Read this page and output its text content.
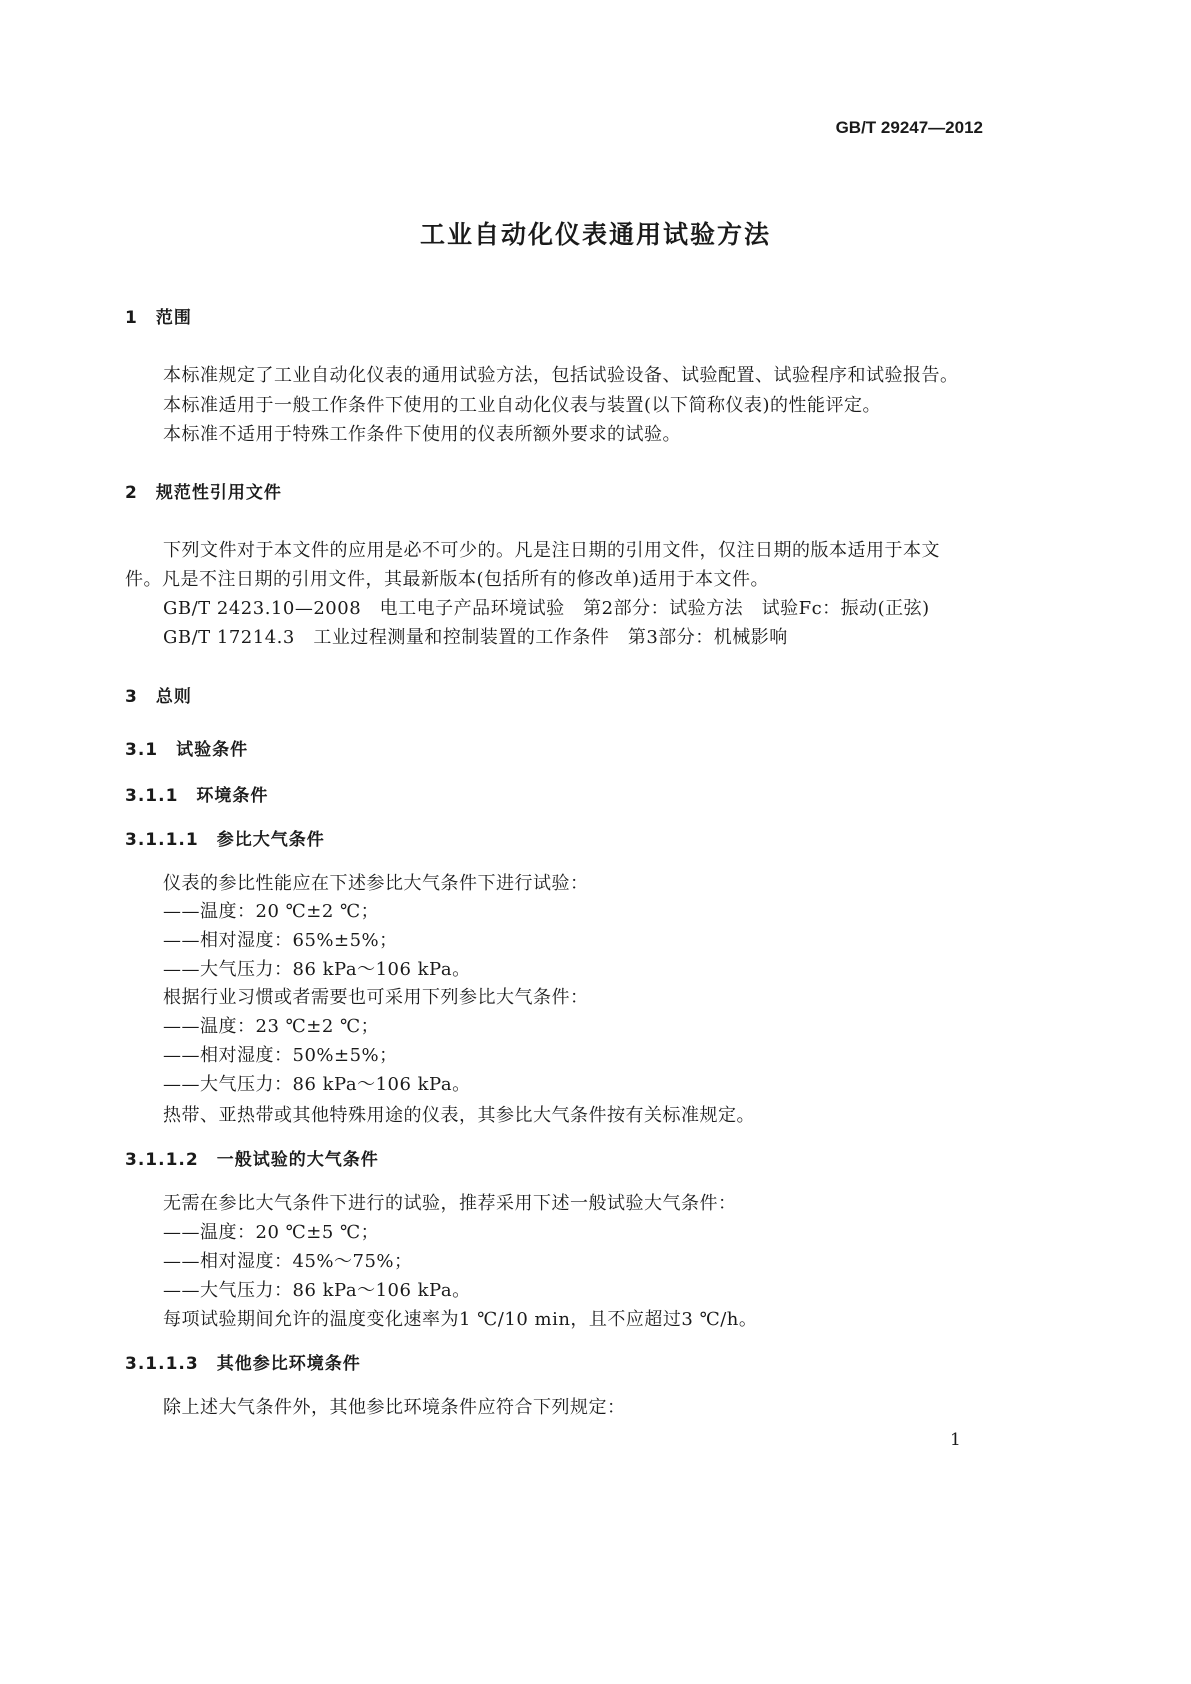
GB/T 29247—2012
工业自动化仪表通用试验方法
1　范围
本标准规定了工业自动化仪表的通用试验方法，包括试验设备、试验配置、试验程序和试验报告。
本标准适用于一般工作条件下使用的工业自动化仪表与装置(以下简称仪表)的性能评定。
本标准不适用于特殊工作条件下使用的仪表所额外要求的试验。
2　规范性引用文件
下列文件对于本文件的应用是必不可少的。凡是注日期的引用文件，仅注日期的版本适用于本文
件。凡是不注日期的引用文件，其最新版本(包括所有的修改单)适用于本文件。
GB/T 2423.10—2008　电工电子产品环境试验　第2部分：试验方法　试验Fc：振动(正弦)
GB/T 17214.3　工业过程测量和控制装置的工作条件　第3部分：机械影响
3　总则
3.1　试验条件
3.1.1　环境条件
3.1.1.1　参比大气条件
仪表的参比性能应在下述参比大气条件下进行试验：
——温度：20 ℃±2 ℃；
——相对湿度：65%±5%；
——大气压力：86 kPa～106 kPa。
根据行业习惯或者需要也可采用下列参比大气条件：
——温度：23 ℃±2 ℃；
——相对湿度：50%±5%；
——大气压力：86 kPa～106 kPa。
热带、亚热带或其他特殊用途的仪表，其参比大气条件按有关标准规定。
3.1.1.2　一般试验的大气条件
无需在参比大气条件下进行的试验，推荐采用下述一般试验大气条件：
——温度：20 ℃±5 ℃；
——相对湿度：45%～75%；
——大气压力：86 kPa～106 kPa。
每项试验期间允许的温度变化速率为1 ℃/10 min，且不应超过3 ℃/h。
3.1.1.3　其他参比环境条件
除上述大气条件外，其他参比环境条件应符合下列规定：
1
